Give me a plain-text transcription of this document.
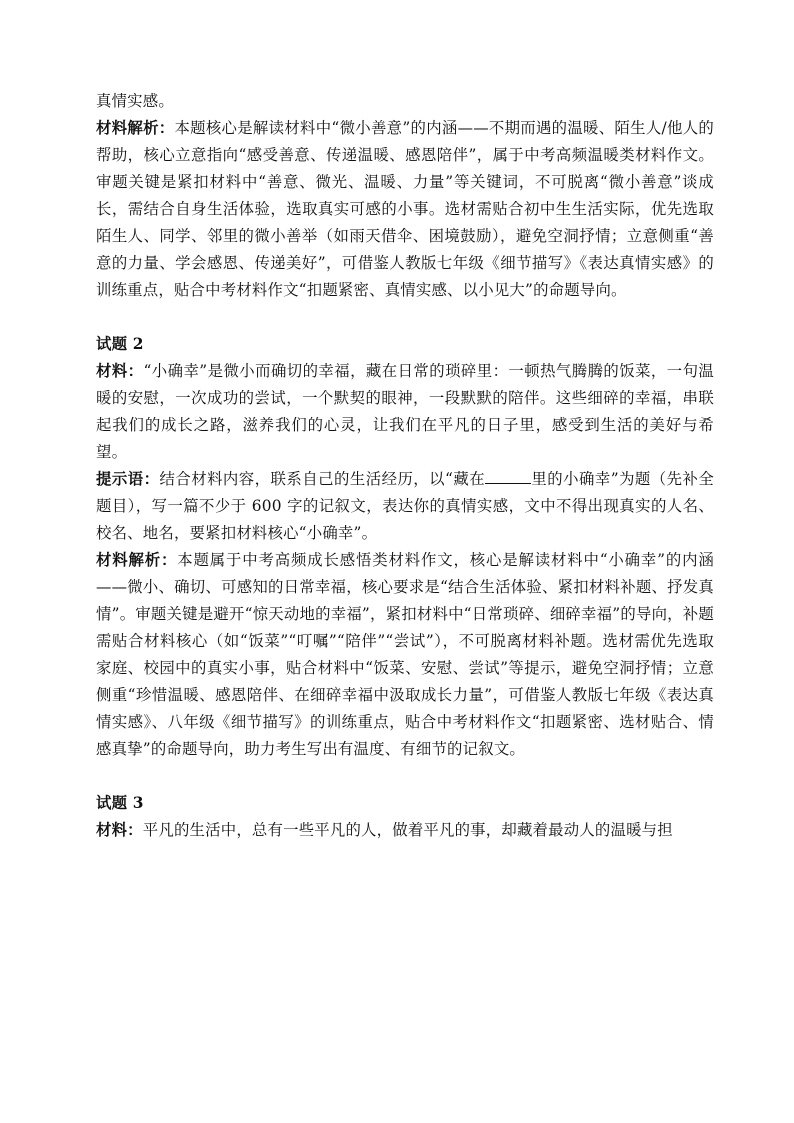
真情实感。

材料解析：本题核心是解读材料中“微小善意”的内涵——不期而遇的温暖、陌生人/他人的帮助，核心立意指向“感受善意、传递温暖、感恩陪伴”，属于中考高频温暖类材料作文。审题关键是紧扣材料中“善意、微光、温暖、力量”等关键词，不可脱离“微小善意”谈成长，需结合自身生活体验，选取真实可感的小事。选材需贴合初中生生活实际，优先选取陌生人、同学、邻里的微小善举（如雨天借伞、困境鼓励），避免空洞抒情；立意侧重“善意的力量、学会感恩、传递美好”，可借鉴人教版七年级《细节描写》《表达真情实感》的训练重点，贴合中考材料作文“扣题紧密、真情实感、以小见大”的命题导向。

试题 2

材料：“小确幸”是微小而确切的幸福，藏在日常的琐碎里：一顿热气腾腾的饭菜，一句温暖的安慰，一次成功的尝试，一个默契的眼神，一段默默的陪伴。这些细碎的幸福，串联起我们的成长之路，滋养我们的心灵，让我们在平凡的日子里，感受到生活的美好与希望。

提示语：结合材料内容，联系自己的生活经历，以“藏在	里的小确幸”为题（先补全题目），写一篇不少于 600 字的记叙文，表达你的真情实感，文中不得出现真实的人名、校名、地名，要紧扣材料核心“小确幸”。

材料解析：本题属于中考高频成长感悟类材料作文，核心是解读材料中“小确幸”的内涵——微小、确切、可感知的日常幸福，核心要求是“结合生活体验、紧扣材料补题、抒发真情”。审题关键是避开“惊天动地的幸福”，紧扣材料中“日常琐碎、细碎幸福”的导向，补题需贴合材料核心（如“饭菜”“叮嘱”“陪伴”“尝试”），不可脱离材料补题。选材需优先选取家庭、校园中的真实小事，贴合材料中“饭菜、安慰、尝试”等提示，避免空洞抒情；立意侧重“珍惜温暖、感恩陪伴、在细碎幸福中汲取成长力量”，可借鉴人教版七年级《表达真情实感》、八年级《细节描写》的训练重点，贴合中考材料作文“扣题紧密、选材贴合、情感真挚”的命题导向，助力考生写出有温度、有细节的记叙文。

试题 3

材料：平凡的生活中，总有一些平凡的人，做着平凡的事，却藏着最动人的温暖与担
